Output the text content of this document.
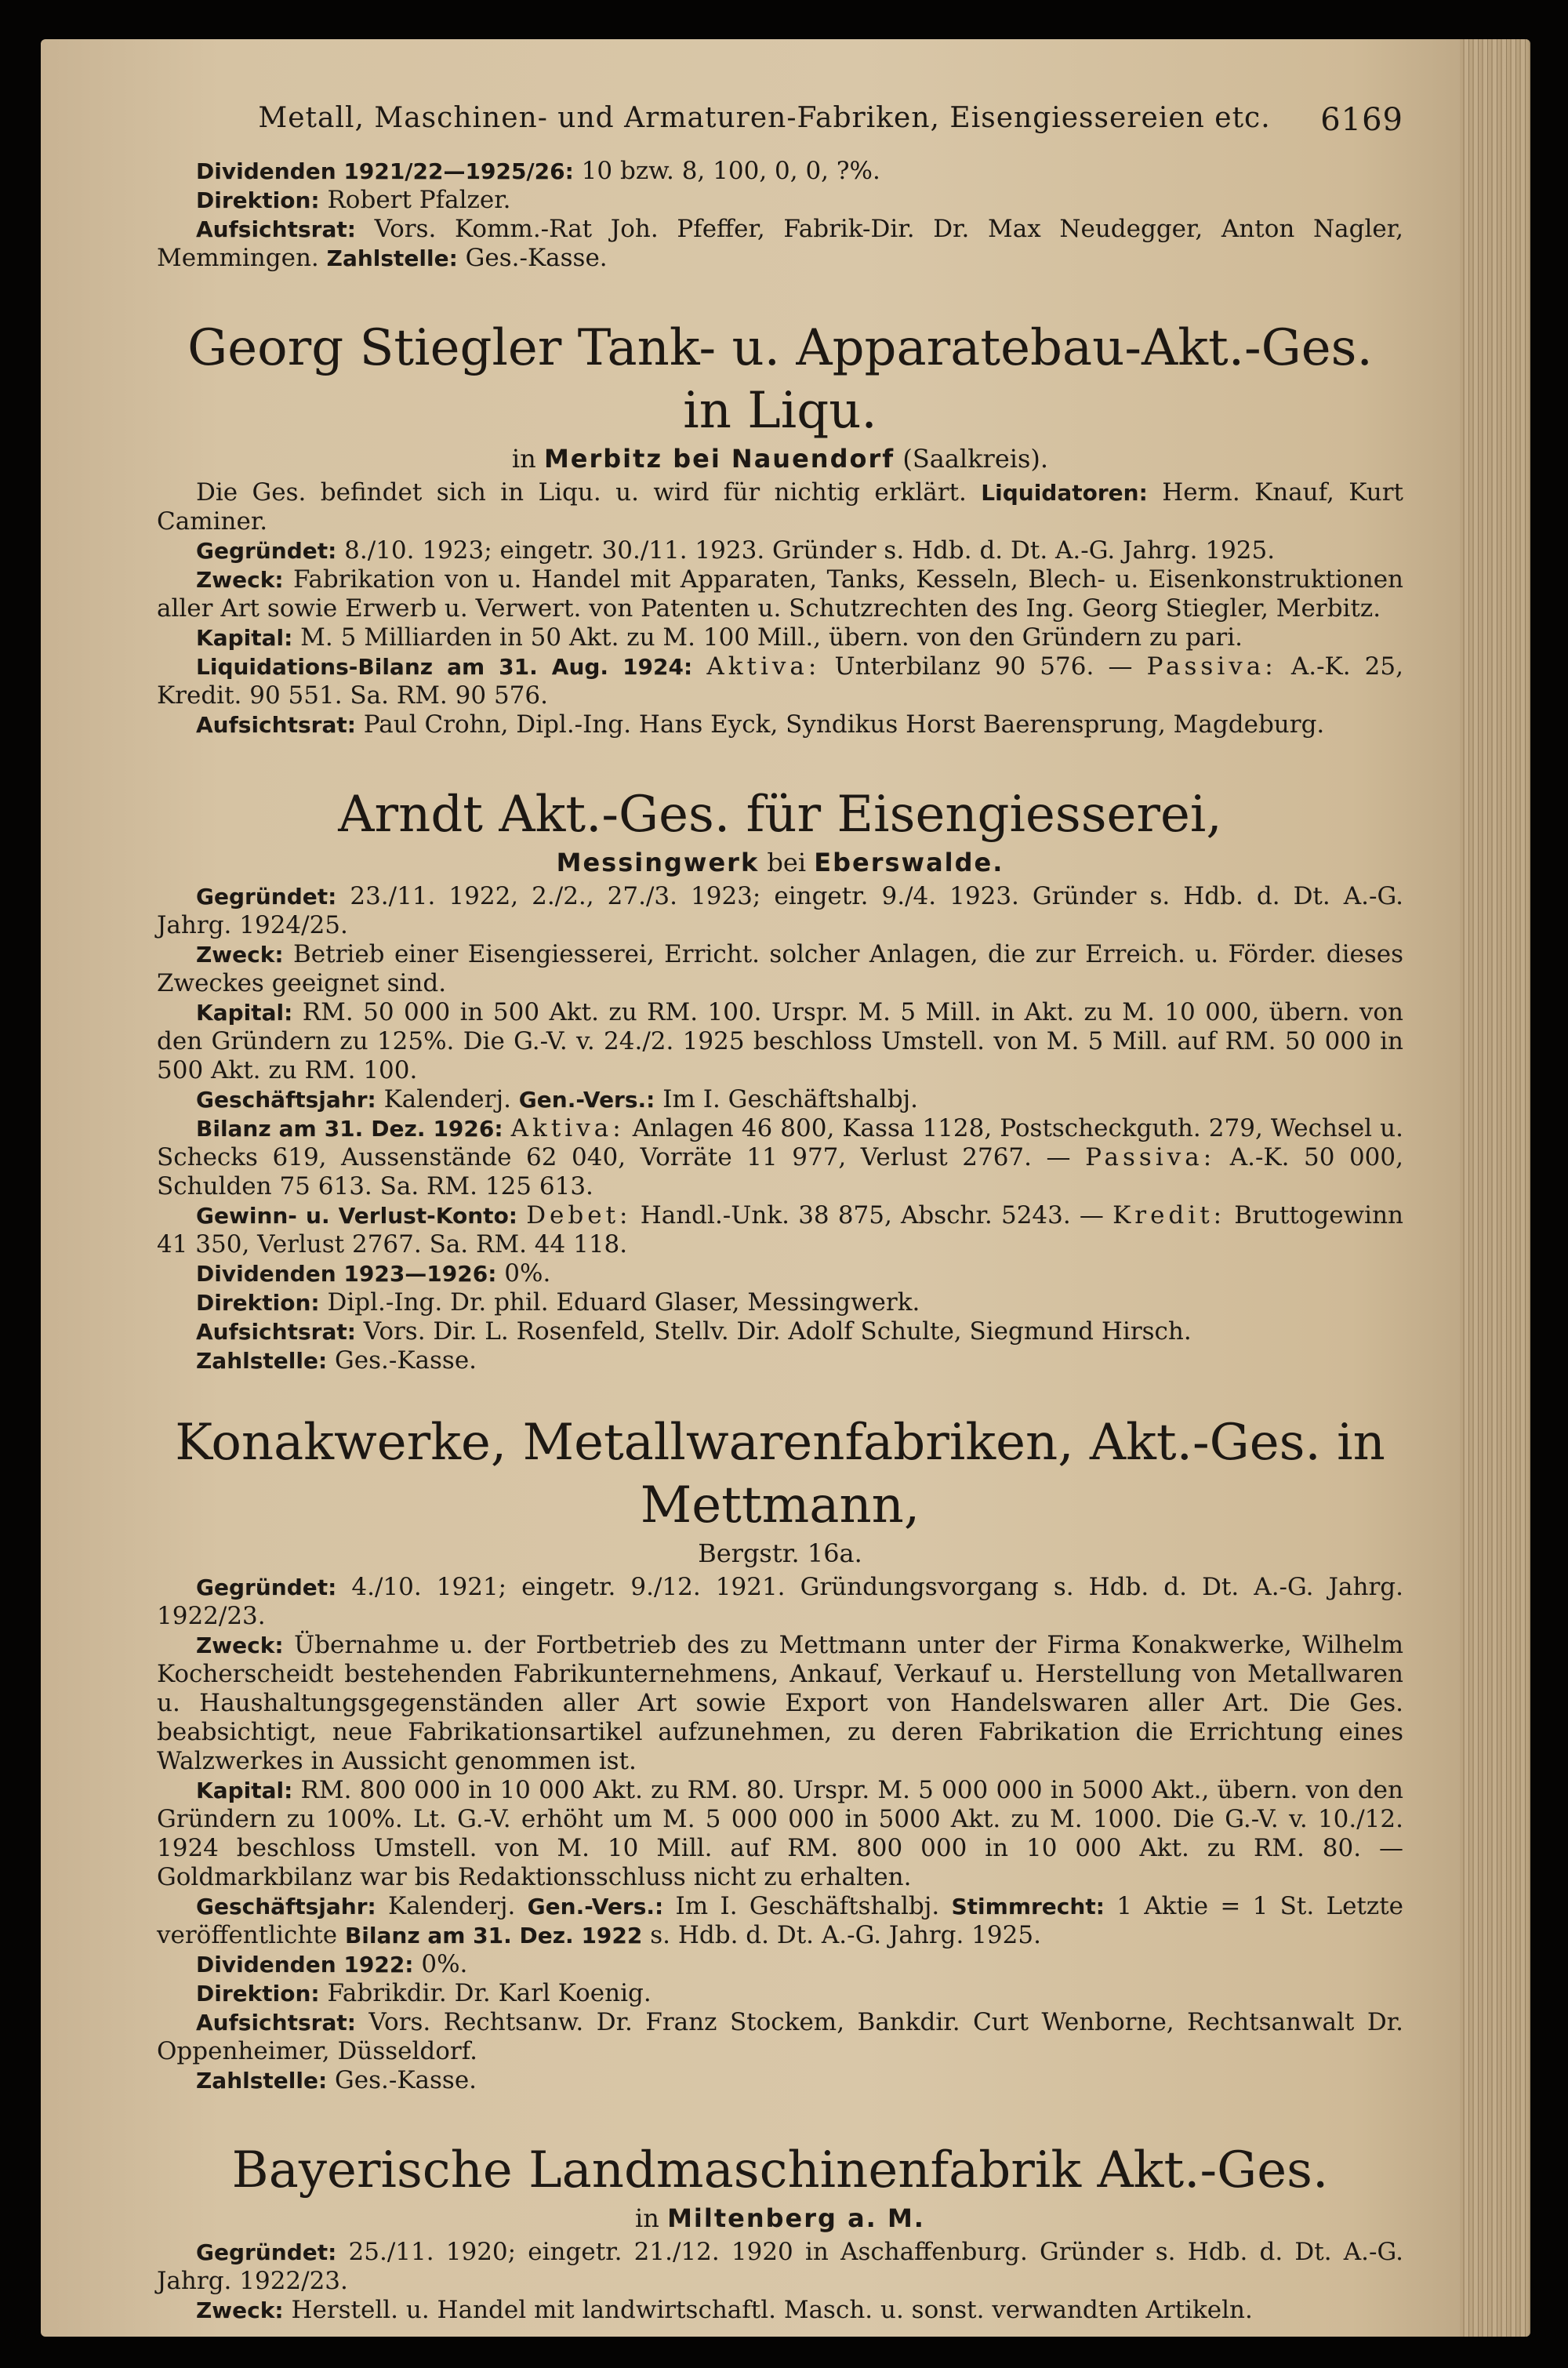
Metall, Maschinen- und Armaturen-Fabriken, Eisengiessereien etc. 6169

Dividenden 1921/22—1925/26: 10 bzw. 8, 100, 0, 0, ?%.

Direktion: Robert Pfalzer.

Aufsichtsrat: Vors. Komm.-Rat Joh. Pfeffer, Fabrik-Dir. Dr. Max Neudegger, Anton Nagler, Memmingen. Zahlstelle: Ges.-Kasse.

Georg Stiegler Tank- u. Apparatebau-Akt.-Ges. in Liqu.
in Merbitz bei Nauendorf (Saalkreis).

Die Ges. befindet sich in Liqu. u. wird für nichtig erklärt. Liquidatoren: Herm. Knauf, Kurt Caminer.

Gegründet: 8./10. 1923; eingetr. 30./11. 1923. Gründer s. Hdb. d. Dt. A.-G. Jahrg. 1925.

Zweck: Fabrikation von u. Handel mit Apparaten, Tanks, Kesseln, Blech- u. Eisenkonstruktionen aller Art sowie Erwerb u. Verwert. von Patenten u. Schutzrechten des Ing. Georg Stiegler, Merbitz.

Kapital: M. 5 Milliarden in 50 Akt. zu M. 100 Mill., übern. von den Gründern zu pari.

Liquidations-Bilanz am 31. Aug. 1924: Aktiva: Unterbilanz 90 576. — Passiva: A.-K. 25, Kredit. 90 551. Sa. RM. 90 576.

Aufsichtsrat: Paul Crohn, Dipl.-Ing. Hans Eyck, Syndikus Horst Baerensprung, Magdeburg.

Arndt Akt.-Ges. für Eisengiesserei,
Messingwerk bei Eberswalde.

Gegründet: 23./11. 1922, 2./2., 27./3. 1923; eingetr. 9./4. 1923. Gründer s. Hdb. d. Dt. A.-G. Jahrg. 1924/25.

Zweck: Betrieb einer Eisengiesserei, Erricht. solcher Anlagen, die zur Erreich. u. Förder. dieses Zweckes geeignet sind.

Kapital: RM. 50 000 in 500 Akt. zu RM. 100. Urspr. M. 5 Mill. in Akt. zu M. 10 000, übern. von den Gründern zu 125%. Die G.-V. v. 24./2. 1925 beschloss Umstell. von M. 5 Mill. auf RM. 50 000 in 500 Akt. zu RM. 100.

Geschäftsjahr: Kalenderj. Gen.-Vers.: Im I. Geschäftshalbj.

Bilanz am 31. Dez. 1926: Aktiva: Anlagen 46 800, Kassa 1128, Postscheckguth. 279, Wechsel u. Schecks 619, Aussenstände 62 040, Vorräte 11 977, Verlust 2767. — Passiva: A.-K. 50 000, Schulden 75 613. Sa. RM. 125 613.

Gewinn- u. Verlust-Konto: Debet: Handl.-Unk. 38 875, Abschr. 5243. — Kredit: Bruttogewinn 41 350, Verlust 2767. Sa. RM. 44 118.

Dividenden 1923—1926: 0%.

Direktion: Dipl.-Ing. Dr. phil. Eduard Glaser, Messingwerk.

Aufsichtsrat: Vors. Dir. L. Rosenfeld, Stellv. Dir. Adolf Schulte, Siegmund Hirsch.

Zahlstelle: Ges.-Kasse.

Konakwerke, Metallwarenfabriken, Akt.-Ges. in Mettmann,
Bergstr. 16a.

Gegründet: 4./10. 1921; eingetr. 9./12. 1921. Gründungsvorgang s. Hdb. d. Dt. A.-G. Jahrg. 1922/23.

Zweck: Übernahme u. der Fortbetrieb des zu Mettmann unter der Firma Konakwerke, Wilhelm Kocherscheidt bestehenden Fabrikunternehmens, Ankauf, Verkauf u. Herstellung von Metallwaren u. Haushaltungsgegenständen aller Art sowie Export von Handelswaren aller Art. Die Ges. beabsichtigt, neue Fabrikationsartikel aufzunehmen, zu deren Fabrikation die Errichtung eines Walzwerkes in Aussicht genommen ist.

Kapital: RM. 800 000 in 10 000 Akt. zu RM. 80. Urspr. M. 5 000 000 in 5000 Akt., übern. von den Gründern zu 100%. Lt. G.-V. erhöht um M. 5 000 000 in 5000 Akt. zu M. 1000. Die G.-V. v. 10./12. 1924 beschloss Umstell. von M. 10 Mill. auf RM. 800 000 in 10 000 Akt. zu RM. 80. — Goldmarkbilanz war bis Redaktionsschluss nicht zu erhalten.

Geschäftsjahr: Kalenderj. Gen.-Vers.: Im I. Geschäftshalbj. Stimmrecht: 1 Aktie = 1 St. Letzte veröffentlichte Bilanz am 31. Dez. 1922 s. Hdb. d. Dt. A.-G. Jahrg. 1925.

Dividenden 1922: 0%.

Direktion: Fabrikdir. Dr. Karl Koenig.

Aufsichtsrat: Vors. Rechtsanw. Dr. Franz Stockem, Bankdir. Curt Wenborne, Rechtsanwalt Dr. Oppenheimer, Düsseldorf.

Zahlstelle: Ges.-Kasse.

Bayerische Landmaschinenfabrik Akt.-Ges.
in Miltenberg a. M.

Gegründet: 25./11. 1920; eingetr. 21./12. 1920 in Aschaffenburg. Gründer s. Hdb. d. Dt. A.-G. Jahrg. 1922/23.

Zweck: Herstell. u. Handel mit landwirtschaftl. Masch. u. sonst. verwandten Artikeln.
